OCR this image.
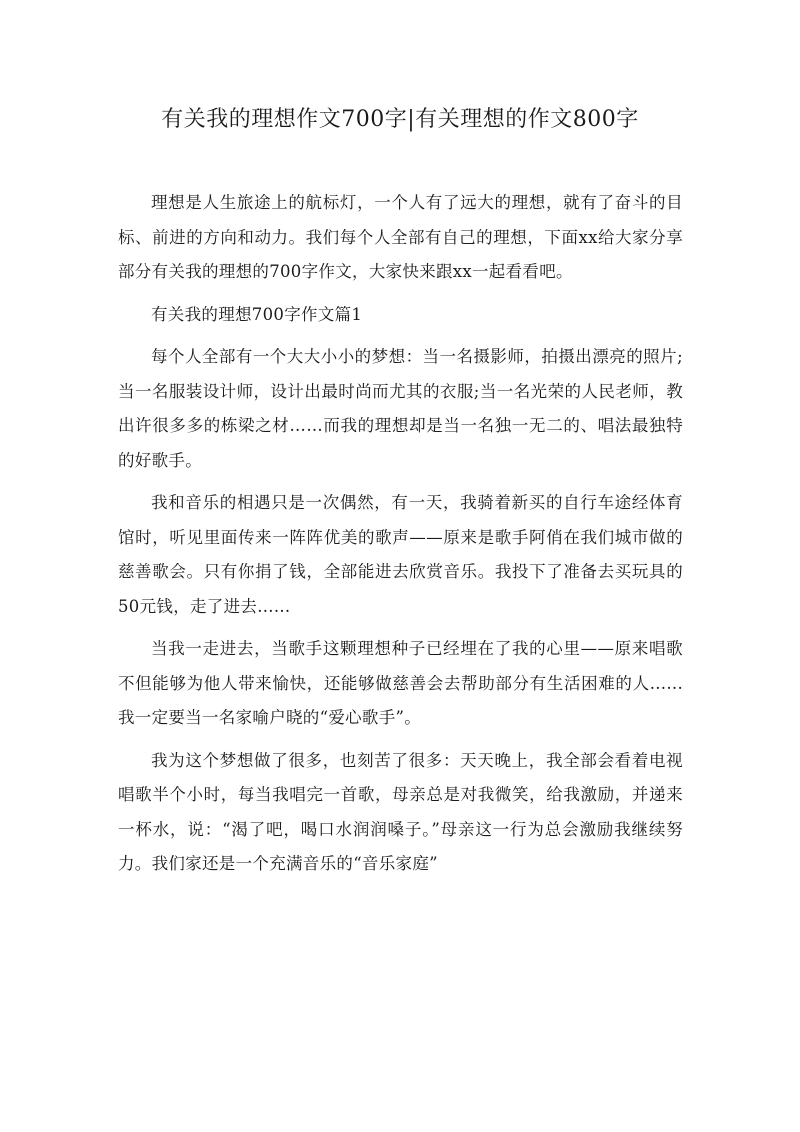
有关我的理想作文700字|有关理想的作文800字

理想是人生旅途上的航标灯，一个人有了远大的理想，就有了奋斗的目标、前进的方向和动力。我们每个人全部有自己的理想，下面xx给大家分享部分有关我的理想的700字作文，大家快来跟xx一起看看吧。

有关我的理想700字作文篇1

每个人全部有一个大大小小的梦想：当一名摄影师，拍摄出漂亮的照片;当一名服装设计师，设计出最时尚而尤其的衣服;当一名光荣的人民老师，教出许很多多的栋梁之材……而我的理想却是当一名独一无二的、唱法最独特的好歌手。

我和音乐的相遇只是一次偶然，有一天，我骑着新买的自行车途经体育馆时，听见里面传来一阵阵优美的歌声——原来是歌手阿俏在我们城市做的慈善歌会。只有你捐了钱，全部能进去欣赏音乐。我投下了准备去买玩具的50元钱，走了进去......

当我一走进去，当歌手这颗理想种子已经埋在了我的心里——原来唱歌不但能够为他人带来愉快，还能够做慈善会去帮助部分有生活困难的人......我一定要当一名家喻户晓的“爱心歌手”。

我为这个梦想做了很多，也刻苦了很多：天天晚上，我全部会看着电视唱歌半个小时，每当我唱完一首歌，母亲总是对我微笑，给我激励，并递来一杯水，说：“渴了吧，喝口水润润嗓子。”母亲这一行为总会激励我继续努力。我们家还是一个充满音乐的“音乐家庭”
